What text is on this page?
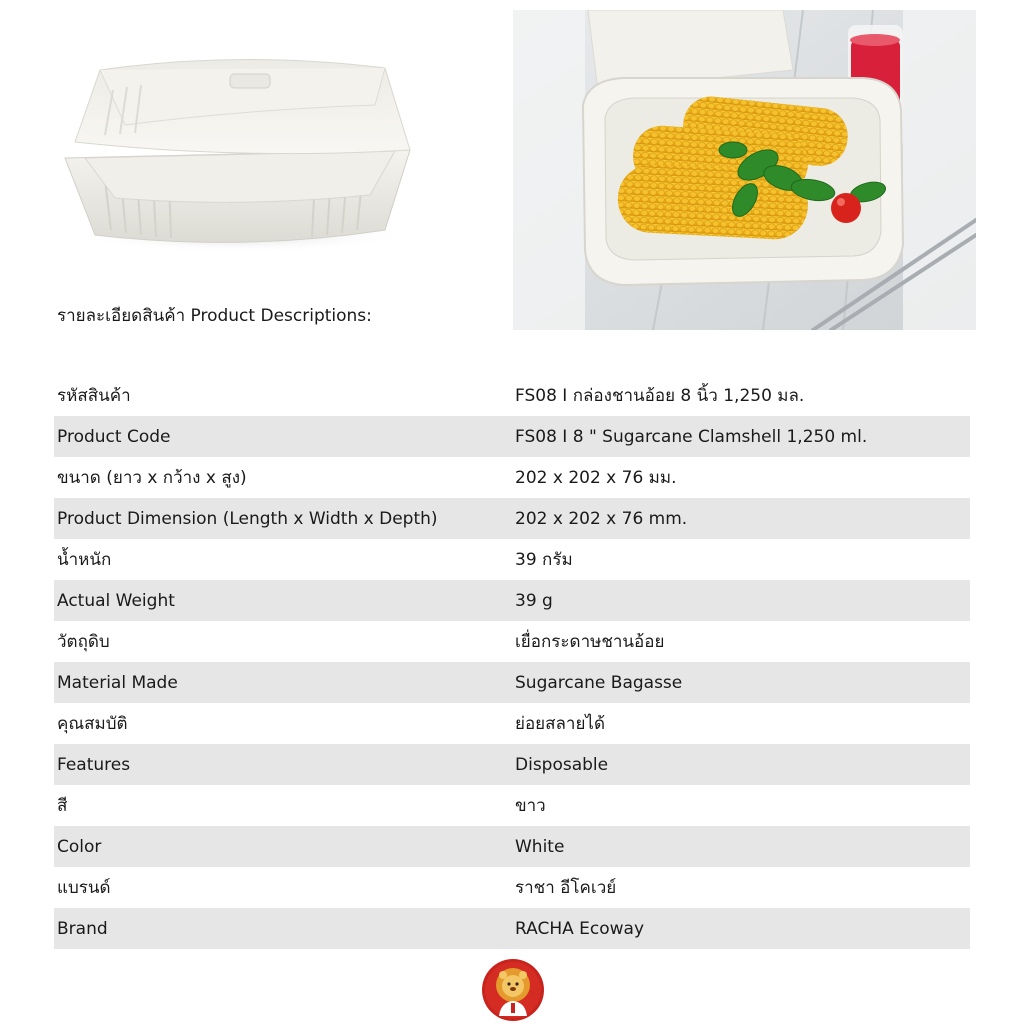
รายละเอียดสินค้า Product Descriptions:
รหัสสินค้า	FS08 I กล่องชานอ้อย 8 นิ้ว 1,250 มล.
Product Code	FS08 I 8 " Sugarcane Clamshell 1,250 ml.
ขนาด (ยาว x กว้าง x สูง)	202 x 202 x 76 มม.
Product Dimension (Length x Width x Depth)	202 x 202 x 76 mm.
น้ำหนัก	39 กรัม
Actual Weight	39 g
วัตถุดิบ	เยื่อกระดาษชานอ้อย
Material Made	Sugarcane Bagasse
คุณสมบัติ	ย่อยสลายได้
Features	Disposable
สี	ขาว
Color	White
แบรนด์	ราชา อีโคเวย์
Brand	RACHA Ecoway
